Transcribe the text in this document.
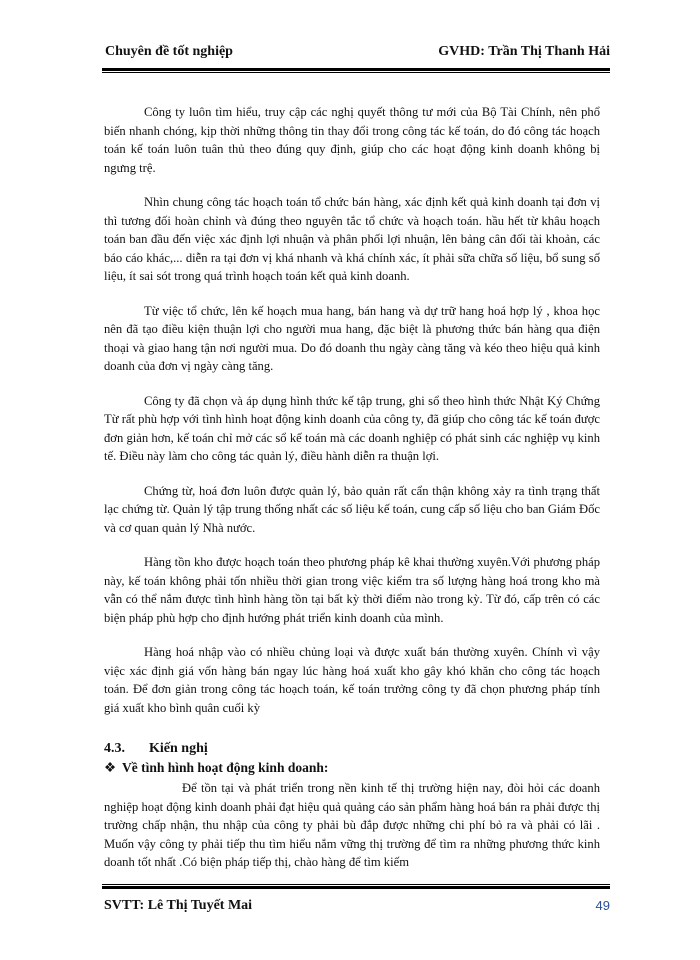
Chuyên đề tốt nghiệp	GVHD: Trần Thị Thanh Hải

Công ty luôn tìm hiểu, truy cập các nghị quyết thông tư mới của Bộ Tài Chính, nên phổ biến nhanh chóng, kịp thời những thông tin thay đổi trong công tác kế toán, do đó công tác hoạch toán kế toán luôn tuân thủ theo đúng quy định, giúp cho các hoạt động kinh doanh không bị ngưng trệ.

Nhìn chung công tác hoạch toán tổ chức bán hàng, xác định kết quả kinh doanh tại đơn vị thì tương đối hoàn chỉnh và đúng theo nguyên tắc tổ chức và hoạch toán. hầu hết từ khâu hoạch toán ban đầu đến việc xác định lợi nhuận và phân phối lợi nhuận, lên bảng cân đối tài khoản, các báo cáo khác,... diễn ra tại đơn vị khá nhanh và khá chính xác, ít phải sữa chữa số liệu, bổ sung số liệu, ít sai sót trong quá trình hoạch toán kết quả kinh doanh.

Từ việc tổ chức, lên kế hoạch mua hang, bán hang và dự trữ hang hoá hợp lý , khoa học nên đã tạo điều kiện thuận lợi cho người mua hang, đặc biệt là phương thức bán hàng qua điện thoại và giao hang tận nơi người mua. Do đó doanh thu ngày càng tăng và kéo theo hiệu quả kinh doanh của đơn vị ngày càng tăng.

Công ty đã chọn và áp dụng hình thức kế tập trung, ghi sổ theo hình thức Nhật Ký Chứng Từ rất phù hợp với tình hình hoạt động kinh doanh của công ty, đã giúp cho công tác kế toán được đơn giản hơn, kế toán chỉ mở các sổ kế toán mà các doanh nghiệp có phát sinh các nghiệp vụ kinh tế. Điều này làm cho công tác quản lý, điều hành diễn ra thuận lợi.

Chứng từ, hoá đơn luôn được quản lý, bảo quản rất cẩn thận không xảy ra tình trạng thất lạc chứng từ. Quản lý tập trung thống nhất các số liệu kế toán, cung cấp số liệu cho ban Giám Đốc và cơ quan quản lý Nhà nước.

Hàng tồn kho được hoạch toán theo phương pháp kê khai thường xuyên.Với phương pháp này, kế toán không phải tốn nhiều thời gian trong việc kiểm tra số lượng hàng hoá trong kho mà vẫn có thể nắm được tình hình hàng tồn tại bất kỳ thời điểm nào trong kỳ. Từ đó, cấp trên có các biện pháp phù hợp cho định hướng phát triển kinh doanh của mình.

Hàng hoá nhập vào có nhiều chủng loại và được xuất bán thường xuyên. Chính vì vậy việc xác định giá vốn hàng bán ngay lúc hàng hoá xuất kho gây khó khăn cho công tác hoạch toán. Để đơn giản trong công tác hoạch toán, kế toán trưởng công ty đã chọn phương pháp tính giá xuất kho bình quân cuối kỳ

4.3. Kiến nghị
❖ Về tình hình hoạt động kinh doanh:

Để tồn tại và phát triển trong nền kinh tế thị trường hiện nay, đòi hỏi các doanh nghiệp hoạt động kinh doanh phải đạt hiệu quả quảng cáo sản phẩm hàng hoá bán ra phải được thị trường chấp nhận, thu nhập của công ty phải bù đắp được những chi phí bỏ ra và phải có lãi . Muốn vậy công ty phải tiếp thu tìm hiểu nắm vững thị trường để tìm ra những phương thức kinh doanh tốt nhất .Có biện pháp tiếp thị, chào hàng để tìm kiếm

SVTT: Lê Thị Tuyết Mai	49
